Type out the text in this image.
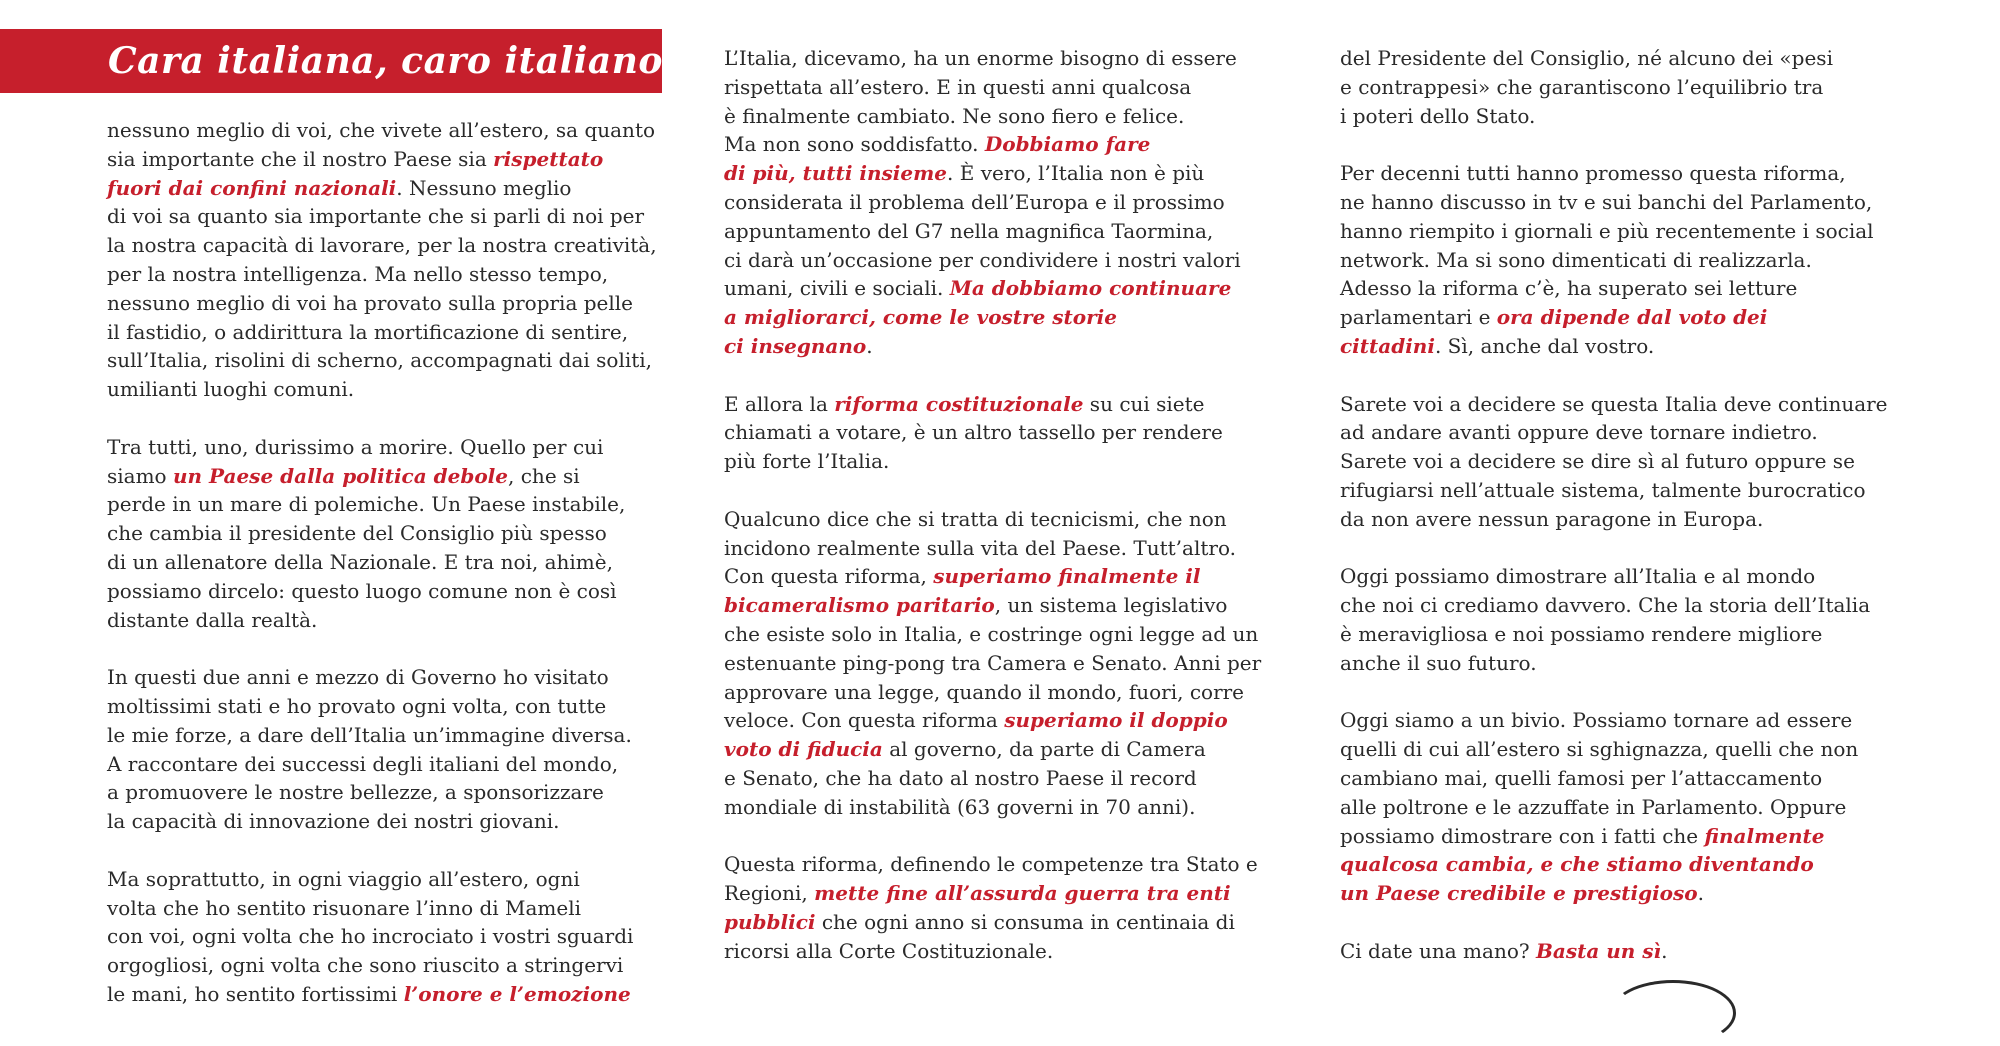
Cara italiana, caro italiano,

nessuno meglio di voi, che vivete all’estero, sa quanto
sia importante che il nostro Paese sia rispettato
fuori dai confini nazionali. Nessuno meglio
di voi sa quanto sia importante che si parli di noi per
la nostra capacità di lavorare, per la nostra creatività,
per la nostra intelligenza. Ma nello stesso tempo,
nessuno meglio di voi ha provato sulla propria pelle
il fastidio, o addirittura la mortificazione di sentire,
sull’Italia, risolini di scherno, accompagnati dai soliti,
umilianti luoghi comuni.

Tra tutti, uno, durissimo a morire. Quello per cui
siamo un Paese dalla politica debole, che si
perde in un mare di polemiche. Un Paese instabile,
che cambia il presidente del Consiglio più spesso
di un allenatore della Nazionale. E tra noi, ahimè,
possiamo dircelo: questo luogo comune non è così
distante dalla realtà.

In questi due anni e mezzo di Governo ho visitato
moltissimi stati e ho provato ogni volta, con tutte
le mie forze, a dare dell’Italia un’immagine diversa.
A raccontare dei successi degli italiani del mondo,
a promuovere le nostre bellezze, a sponsorizzare
la capacità di innovazione dei nostri giovani.

Ma soprattutto, in ogni viaggio all’estero, ogni
volta che ho sentito risuonare l’inno di Mameli
con voi, ogni volta che ho incrociato i vostri sguardi
orgogliosi, ogni volta che sono riuscito a stringervi
le mani, ho sentito fortissimi l’onore e l’emozione

L’Italia, dicevamo, ha un enorme bisogno di essere
rispettata all’estero. E in questi anni qualcosa
è finalmente cambiato. Ne sono fiero e felice.
Ma non sono soddisfatto. Dobbiamo fare
di più, tutti insieme. È vero, l’Italia non è più
considerata il problema dell’Europa e il prossimo
appuntamento del G7 nella magnifica Taormina,
ci darà un’occasione per condividere i nostri valori
umani, civili e sociali. Ma dobbiamo continuare
a migliorarci, come le vostre storie
ci insegnano.

E allora la riforma costituzionale su cui siete
chiamati a votare, è un altro tassello per rendere
più forte l’Italia.

Qualcuno dice che si tratta di tecnicismi, che non
incidono realmente sulla vita del Paese. Tutt’altro.
Con questa riforma, superiamo finalmente il
bicameralismo paritario, un sistema legislativo
che esiste solo in Italia, e costringe ogni legge ad un
estenuante ping-pong tra Camera e Senato. Anni per
approvare una legge, quando il mondo, fuori, corre
veloce. Con questa riforma superiamo il doppio
voto di fiducia al governo, da parte di Camera
e Senato, che ha dato al nostro Paese il record
mondiale di instabilità (63 governi in 70 anni).

Questa riforma, definendo le competenze tra Stato e
Regioni, mette fine all’assurda guerra tra enti
pubblici che ogni anno si consuma in centinaia di
ricorsi alla Corte Costituzionale.

del Presidente del Consiglio, né alcuno dei «pesi
e contrappesi» che garantiscono l’equilibrio tra
i poteri dello Stato.

Per decenni tutti hanno promesso questa riforma,
ne hanno discusso in tv e sui banchi del Parlamento,
hanno riempito i giornali e più recentemente i social
network. Ma si sono dimenticati di realizzarla.
Adesso la riforma c’è, ha superato sei letture
parlamentari e ora dipende dal voto dei
cittadini. Sì, anche dal vostro.

Sarete voi a decidere se questa Italia deve continuare
ad andare avanti oppure deve tornare indietro.
Sarete voi a decidere se dire sì al futuro oppure se
rifugiarsi nell’attuale sistema, talmente burocratico
da non avere nessun paragone in Europa.

Oggi possiamo dimostrare all’Italia e al mondo
che noi ci crediamo davvero. Che la storia dell’Italia
è meravigliosa e noi possiamo rendere migliore
anche il suo futuro.

Oggi siamo a un bivio. Possiamo tornare ad essere
quelli di cui all’estero si sghignazza, quelli che non
cambiano mai, quelli famosi per l’attaccamento
alle poltrone e le azzuffate in Parlamento. Oppure
possiamo dimostrare con i fatti che finalmente
qualcosa cambia, e che stiamo diventando
un Paese credibile e prestigioso.

Ci date una mano? Basta un sì.
